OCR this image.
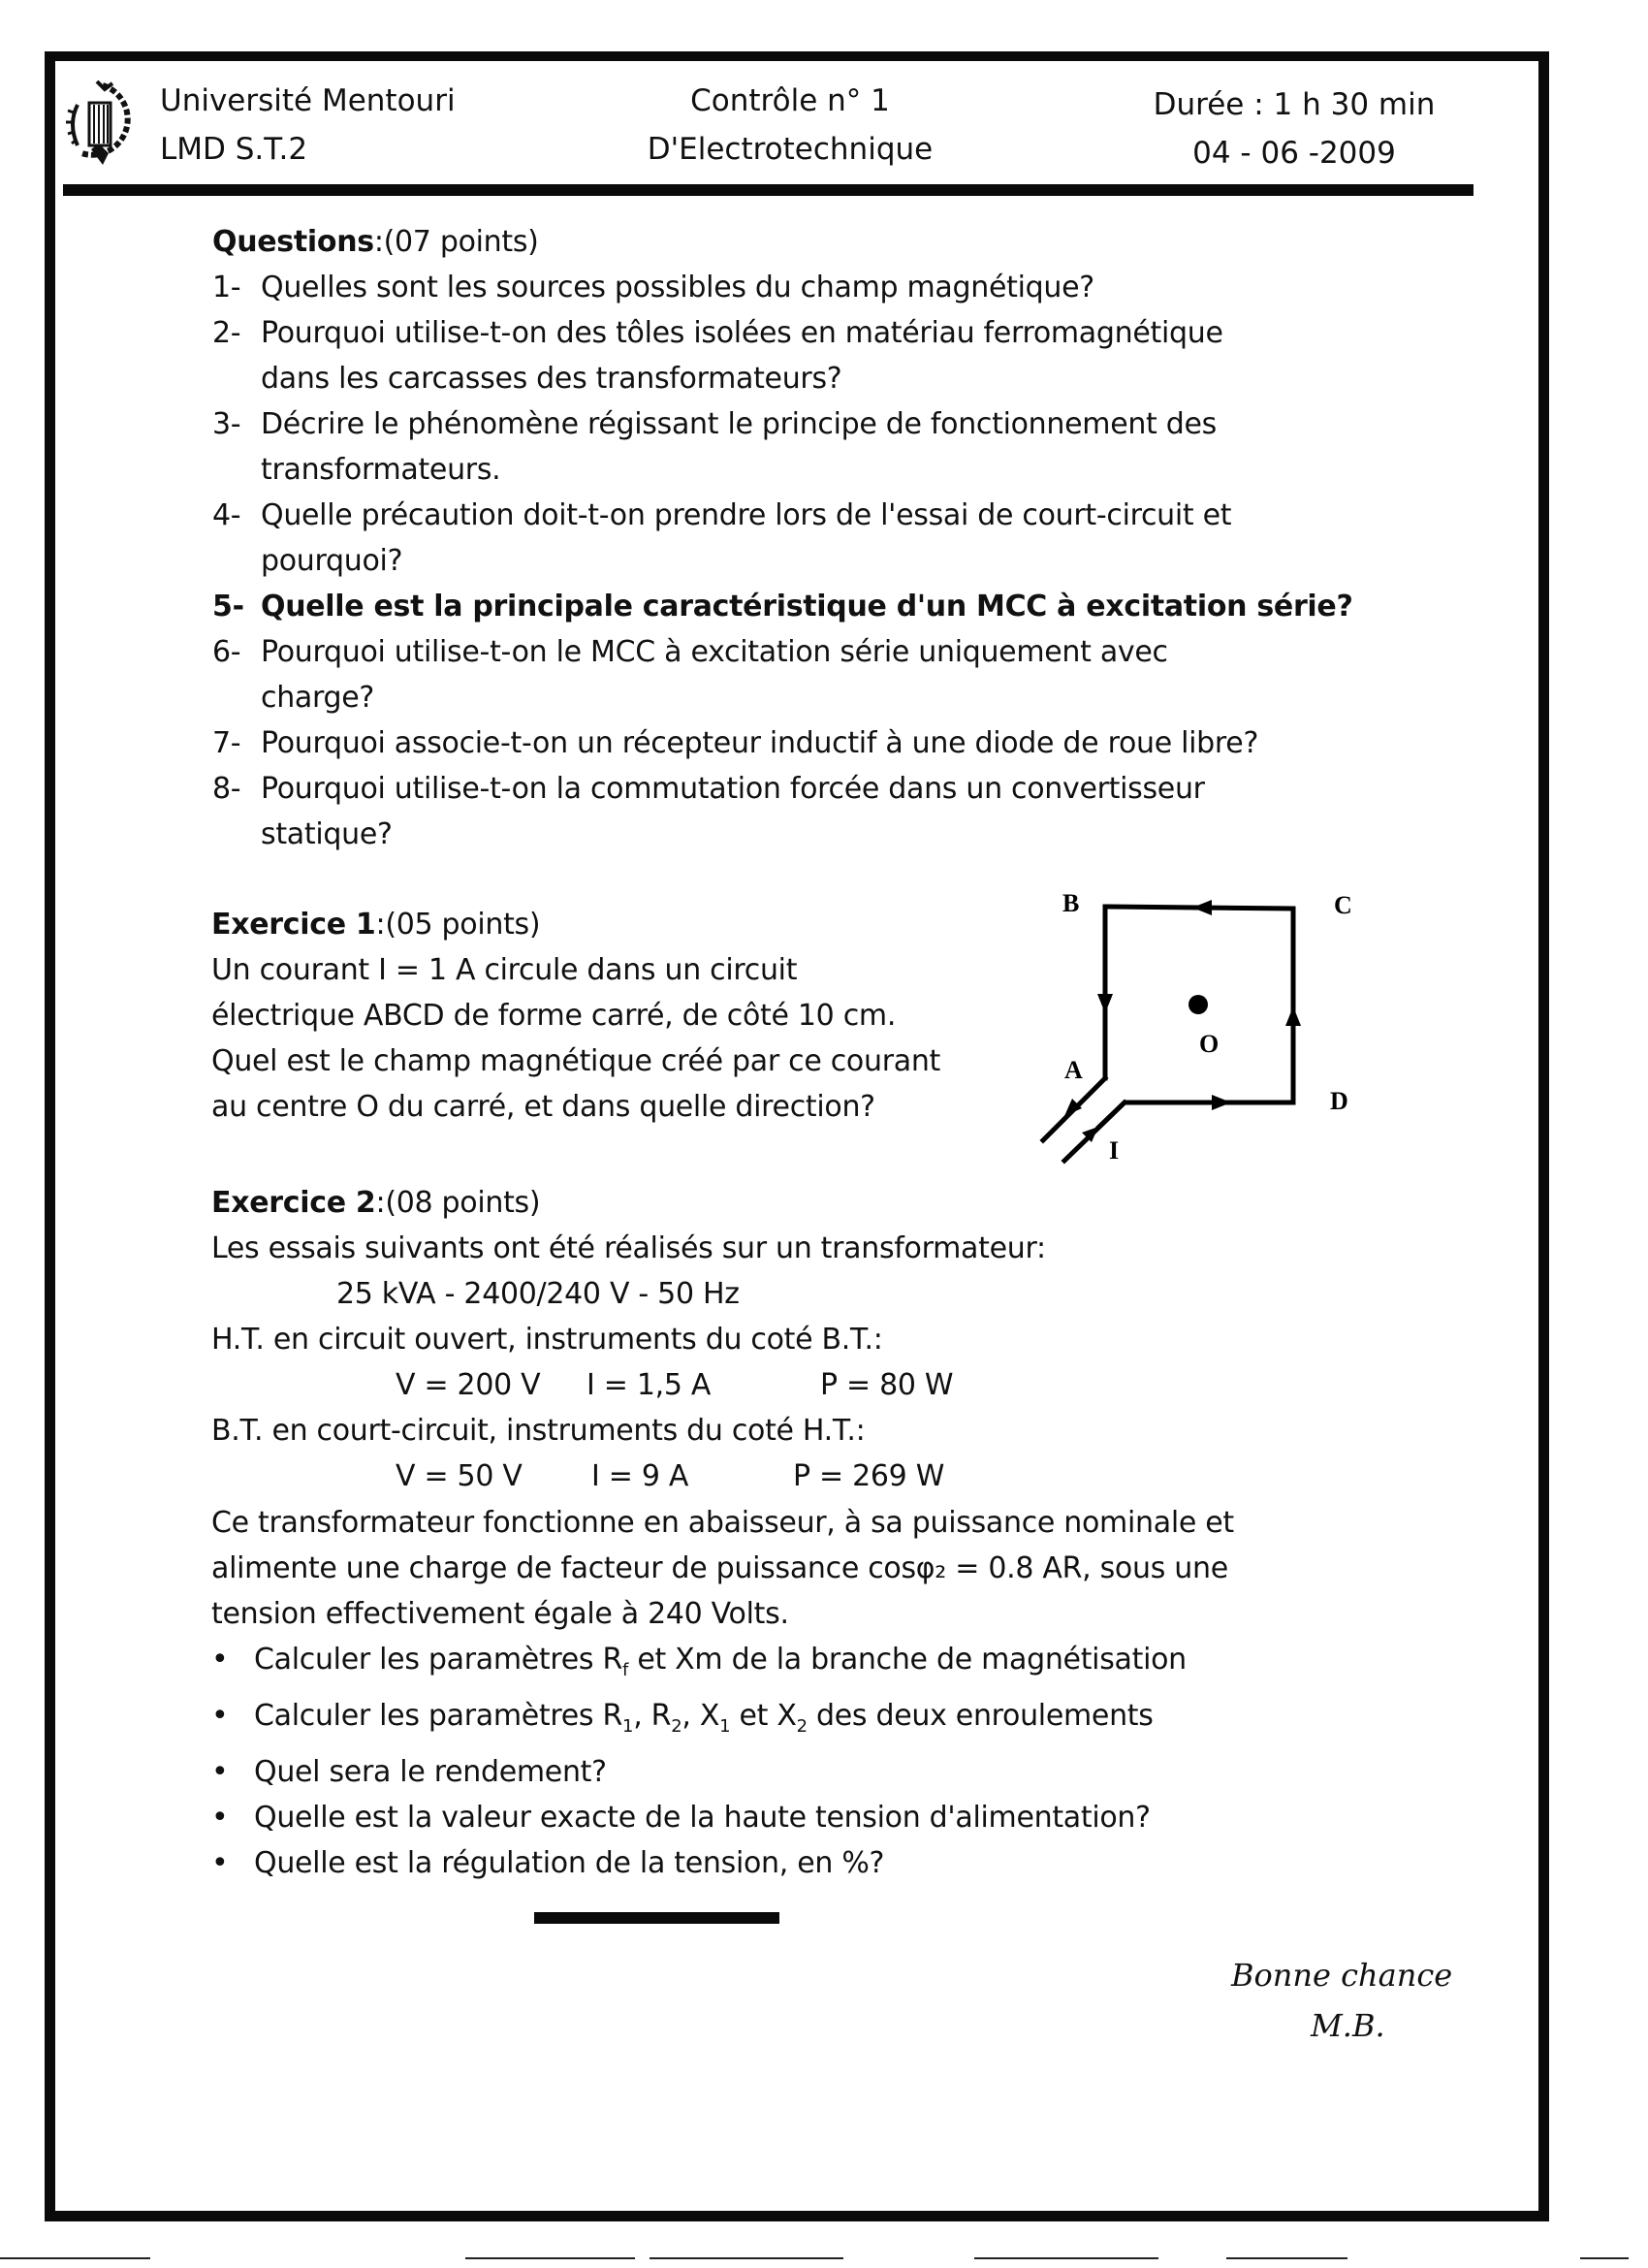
Université Mentouri
LMD S.T.2
Contrôle n° 1
D'Electrotechnique
Durée : 1 h 30 min
04 - 06 -2009
Questions:(07 points)
1- Quelles sont les sources possibles du champ magnétique?
2- Pourquoi utilise-t-on des tôles isolées en matériau ferromagnétique
dans les carcasses des transformateurs?
3- Décrire le phénomène régissant le principe de fonctionnement des
transformateurs.
4- Quelle précaution doit-t-on prendre lors de l'essai de court-circuit et
pourquoi?
5- Quelle est la principale caractéristique d'un MCC à excitation série?
6- Pourquoi utilise-t-on le MCC à excitation série uniquement avec
charge?
7- Pourquoi associe-t-on un récepteur inductif à une diode de roue libre?
8- Pourquoi utilise-t-on la commutation forcée dans un convertisseur
statique?
Exercice 1:(05 points)
Un courant I = 1 A circule dans un circuit
électrique ABCD de forme carré, de côté 10 cm.
Quel est le champ magnétique créé par ce courant
au centre O du carré, et dans quelle direction?
B	C
A
D
O
I
Exercice 2:(08 points)
Les essais suivants ont été réalisés sur un transformateur:
25 kVA - 2400/240 V - 50 Hz
H.T. en circuit ouvert, instruments du coté B.T.:
V = 200 V I = 1,5 A	P = 80 W
B.T. en court-circuit, instruments du coté H.T.:
V = 50 V I = 9 A	P = 269 W
Ce transformateur fonctionne en abaisseur, à sa puissance nominale et
alimente une charge de facteur de puissance cosφ₂ = 0.8 AR, sous une
tension effectivement égale à 240 Volts.
• Calculer les paramètres $R_f$ et Xm de la branche de magnétisation
• Calculer les paramètres $R_1$, $R_2$, $X_1$ et $X_2$ des deux enroulements
• Quel sera le rendement?
• Quelle est la valeur exacte de la haute tension d'alimentation?
• Quelle est la régulation de la tension, en %?
Bonne chance
M.B.
